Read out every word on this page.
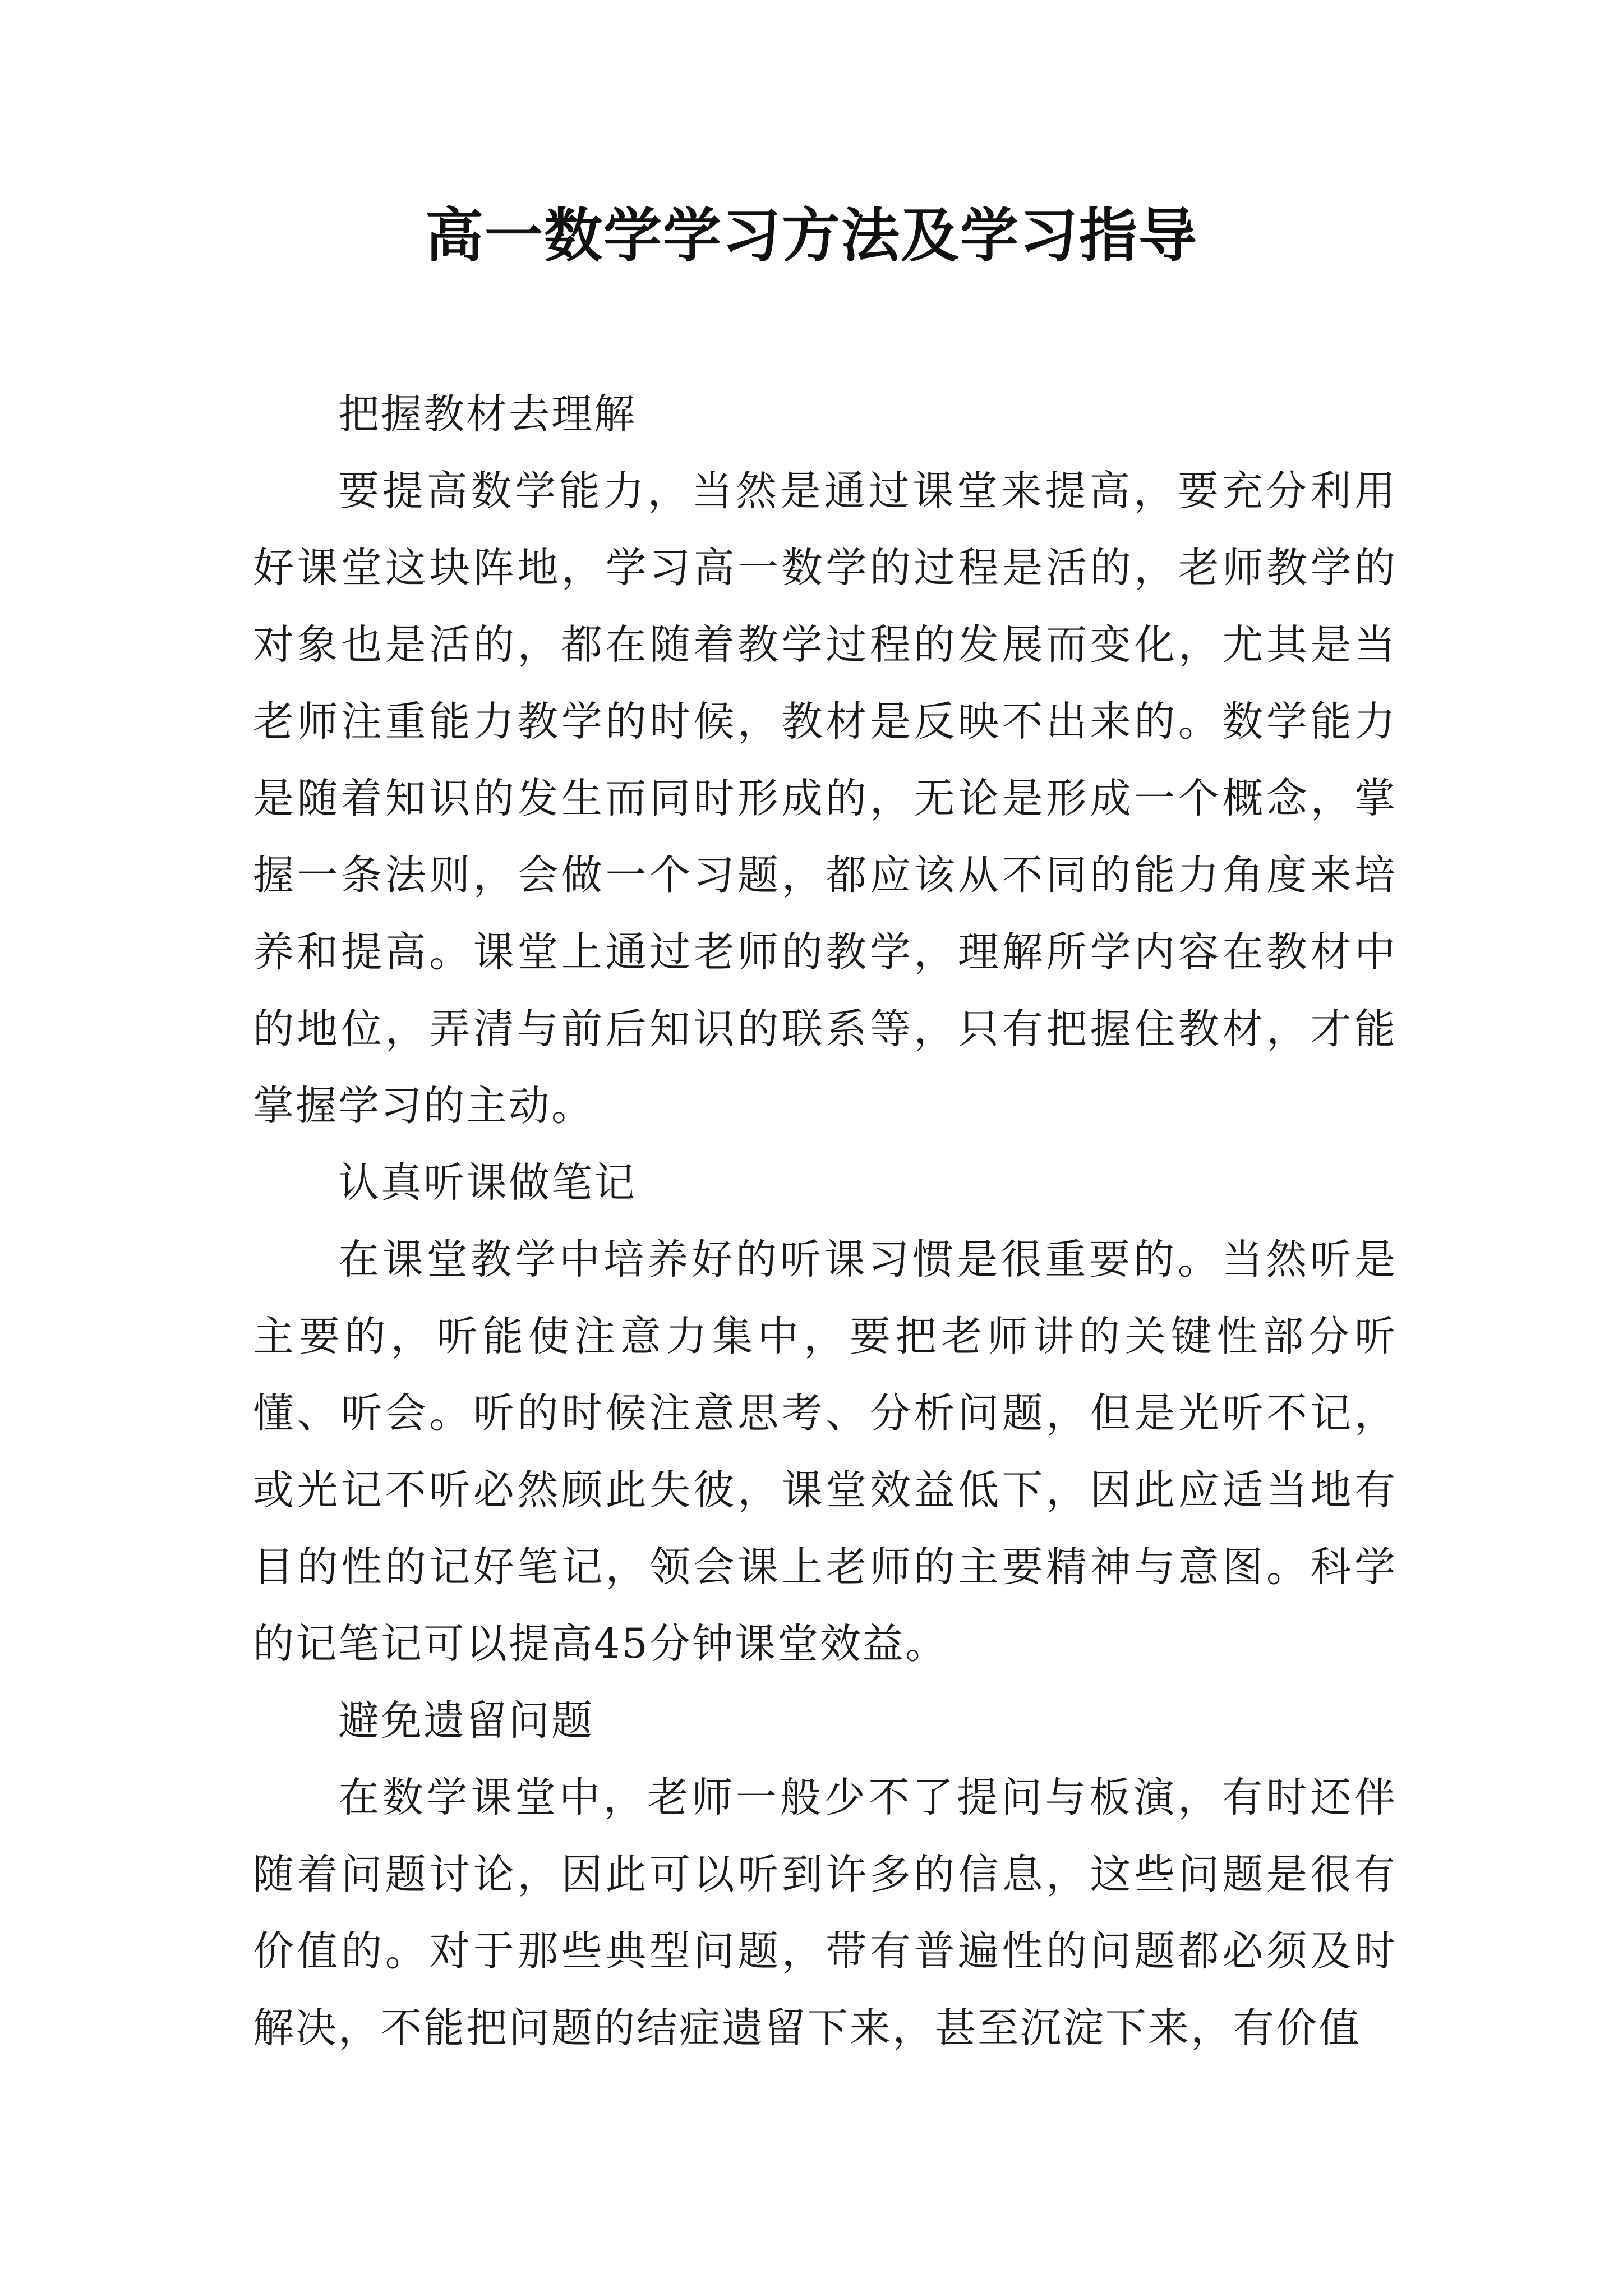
高一数学学习方法及学习指导

把握教材去理解

要提高数学能力，当然是通过课堂来提高，要充分利用好课堂这块阵地，学习高一数学的过程是活的，老师教学的对象也是活的，都在随着教学过程的发展而变化，尤其是当老师注重能力教学的时候，教材是反映不出来的。数学能力是随着知识的发生而同时形成的，无论是形成一个概念，掌握一条法则，会做一个习题，都应该从不同的能力角度来培养和提高。课堂上通过老师的教学，理解所学内容在教材中的地位，弄清与前后知识的联系等，只有把握住教材，才能掌握学习的主动。

认真听课做笔记

在课堂教学中培养好的听课习惯是很重要的。当然听是主要的，听能使注意力集中，要把老师讲的关键性部分听懂、听会。听的时候注意思考、分析问题，但是光听不记，或光记不听必然顾此失彼，课堂效益低下，因此应适当地有目的性的记好笔记，领会课上老师的主要精神与意图。科学的记笔记可以提高45分钟课堂效益。

避免遗留问题

在数学课堂中，老师一般少不了提问与板演，有时还伴随着问题讨论，因此可以听到许多的信息，这些问题是很有价值的。对于那些典型问题，带有普遍性的问题都必须及时解决，不能把问题的结症遗留下来，甚至沉淀下来，有价值
